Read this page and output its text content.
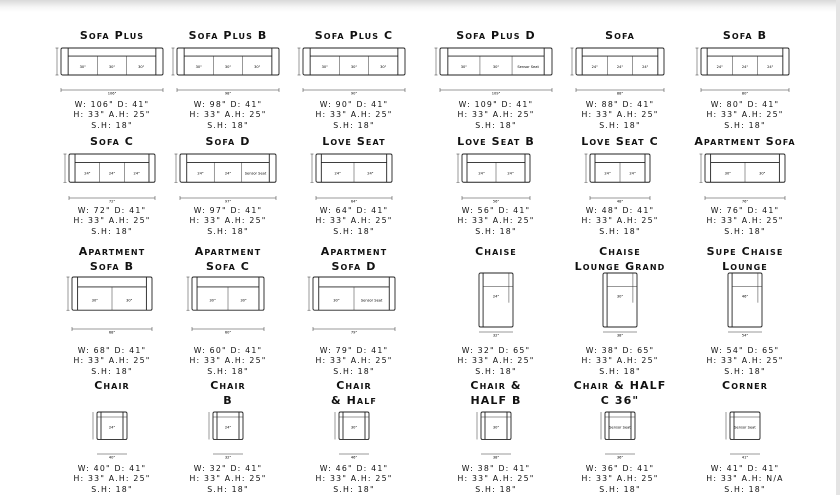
Sofa Plus
W: 106" D: 41"
H: 33" A.H: 25"
S.H: 18"
30"	30"	30"
106"
Sofa Plus B
W: 98" D: 41"
H: 33" A.H: 25"
S.H: 18"
30"	30"	30"
98"
Sofa Plus C
W: 90" D: 41"
H: 33" A.H: 25"
S.H: 18"
30"	30"	30"
90"
Sofa Plus D
W: 109" D: 41"
H: 33" A.H: 25"
S.H: 18"
30"	30"	Sensor Seat
109"
Sofa
W: 88" D: 41"
H: 33" A.H: 25"
S.H: 18"
24"	24"	24"
88"
Sofa B
W: 80" D: 41"
H: 33" A.H: 25"
S.H: 18"
24"	24"	24"
80"
Sofa C
W: 72" D: 41"
H: 33" A.H: 25"
S.H: 18"
24"	24"	24"
72"
Sofa D
W: 97" D: 41"
H: 33" A.H: 25"
S.H: 18"
24"	24"	Sensor Seat
97"
Love Seat
W: 64" D: 41"
H: 33" A.H: 25"
S.H: 18"
24"	24"
64"
Love Seat B
W: 56" D: 41"
H: 33" A.H: 25"
S.H: 18"
24"	24"
56"
Love Seat C
W: 48" D: 41"
H: 33" A.H: 25"
S.H: 18"
24"	24"
48"
Apartment Sofa
W: 76" D: 41"
H: 33" A.H: 25"
S.H: 18"
30"	30"
76"
Apartment
Sofa B
W: 68" D: 41"
H: 33" A.H: 25"
S.H: 18"
30"	30"
68"
Apartment
Sofa C
W: 60" D: 41"
H: 33" A.H: 25"
S.H: 18"
30"	30"
60"
Apartment
Sofa D
W: 79" D: 41"
H: 33" A.H: 25"
S.H: 18"
30"	Sensor Seat
79"
Chaise
W: 32" D: 65"
H: 33" A.H: 25"
S.H: 18"
24"
32"
Chaise
Lounge Grand
W: 38" D: 65"
H: 33" A.H: 25"
S.H: 18"
30"
38"
Supe Chaise
Lounge
W: 54" D: 65"
H: 33" A.H: 25"
S.H: 18"
46"
54"
Chair
W: 40" D: 41"
H: 33" A.H: 25"
S.H: 18"
24"
40"
Chair
B
W: 32" D: 41"
H: 33" A.H: 25"
S.H: 18"
24"
32"
Chair
& Half
W: 46" D: 41"
H: 33" A.H: 25"
S.H: 18"
30"
46"
Chair &
HALF B
W: 38" D: 41"
H: 33" A.H: 25"
S.H: 18"
30"
38"
Chair & HALF
C 36"
W: 36" D: 41"
H: 33" A.H: 25"
S.H: 18"
Sensor Seat
36"
Corner
W: 41" D: 41"
H: 33" A.H: N/A
S.H: 18"
Sensor Seat
41"
